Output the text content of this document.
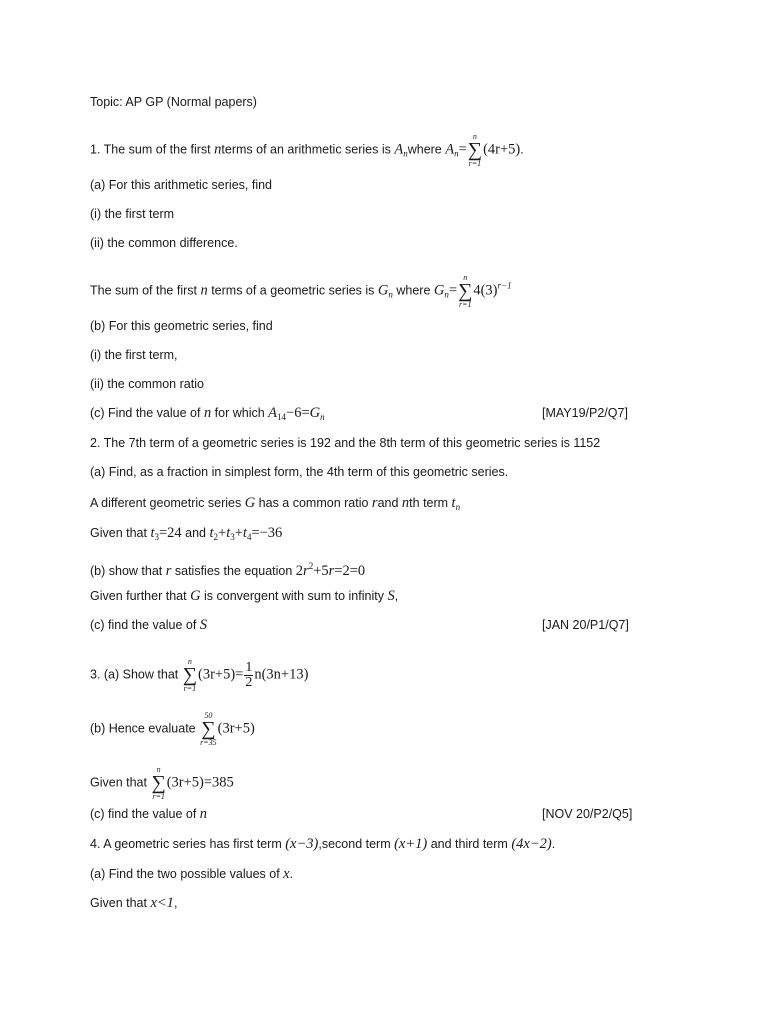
Topic: AP GP (Normal papers)
1. The sum of the first nterms of an arithmetic series is $A_nwhere$ $A_n=$
n
∑
r=1
(4r+5).
(a) For this arithmetic series, find
(i) the first term
(ii) the common difference.
The sum of the first n terms of a geometric series is $G_n$ where $G_n=$
n
∑
r=1
$4(3)^{r-1}$
(b) For this geometric series, find
(i) the first term,
(ii) the common ratio
(c) Find the value of n for which $A_{14}-6=G_n$	[MAY19/P2/Q7]
2. The 7th term of a geometric series is 192 and the 8th term of this geometric series is 1152
(a) Find, as a fraction in simplest form, the 4th term of this geometric series.
A different geometric series G has a common ratio rand nth term $t_n$
Given that $t_3=24$ and $t_2+t_3+t_4=-36$
(b) show that r satisfies the equation $2r^2+5r=2=0$
Given further that G is convergent with sum to infinity S,
(c) find the value of S	[JAN 20/P1/Q7]
3. (a) Show that
n
∑
r=1
$(3r+5)= \frac{1}{2} n(3n+13)$
(b) Hence evaluate
50
∑
r=35
(3r+5)
Given that
n
∑
r=1
(3r+5)=385
(c) find the value of n	[NOV 20/P2/Q5]
4. A geometric series has first term (x−3),second term (x+1) and third term (4x−2).
(a) Find the two possible values of x.
Given that x<1,
